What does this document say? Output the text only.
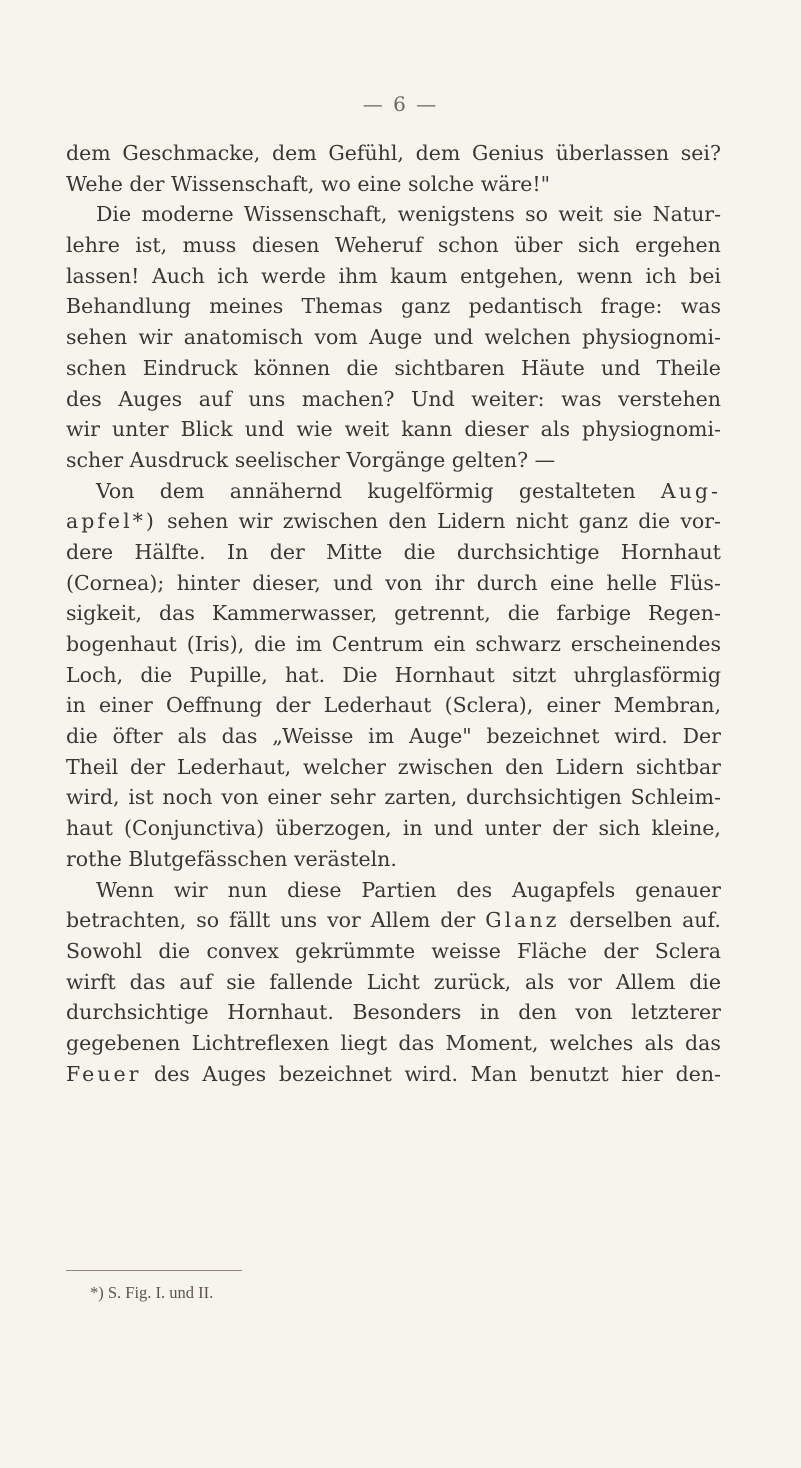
— 6 —
dem Geschmacke, dem Gefühl, dem Genius überlassen sei?
Wehe der Wissenschaft, wo eine solche wäre!"
Die moderne Wissenschaft, wenigstens so weit sie Natur-
lehre ist, muss diesen Weheruf schon über sich ergehen
lassen! Auch ich werde ihm kaum entgehen, wenn ich bei
Behandlung meines Themas ganz pedantisch frage: was
sehen wir anatomisch vom Auge und welchen physiognomi-
schen Eindruck können die sichtbaren Häute und Theile
des Auges auf uns machen? Und weiter: was verstehen
wir unter Blick und wie weit kann dieser als physiognomi-
scher Ausdruck seelischer Vorgänge gelten? —
Von dem annähernd kugelförmig gestalteten Aug-
apfel*) sehen wir zwischen den Lidern nicht ganz die vor-
dere Hälfte. In der Mitte die durchsichtige Hornhaut
(Cornea); hinter dieser, und von ihr durch eine helle Flüs-
sigkeit, das Kammerwasser, getrennt, die farbige Regen-
bogenhaut (Iris), die im Centrum ein schwarz erscheinendes
Loch, die Pupille, hat. Die Hornhaut sitzt uhrglasförmig
in einer Oeffnung der Lederhaut (Sclera), einer Membran,
die öfter als das „Weisse im Auge" bezeichnet wird. Der
Theil der Lederhaut, welcher zwischen den Lidern sichtbar
wird, ist noch von einer sehr zarten, durchsichtigen Schleim-
haut (Conjunctiva) überzogen, in und unter der sich kleine,
rothe Blutgefässchen verästeln.
Wenn wir nun diese Partien des Augapfels genauer
betrachten, so fällt uns vor Allem der Glanz derselben auf.
Sowohl die convex gekrümmte weisse Fläche der Sclera
wirft das auf sie fallende Licht zurück, als vor Allem die
durchsichtige Hornhaut. Besonders in den von letzterer
gegebenen Lichtreflexen liegt das Moment, welches als das
Feuer des Auges bezeichnet wird. Man benutzt hier den-
*) S. Fig. I. und II.
